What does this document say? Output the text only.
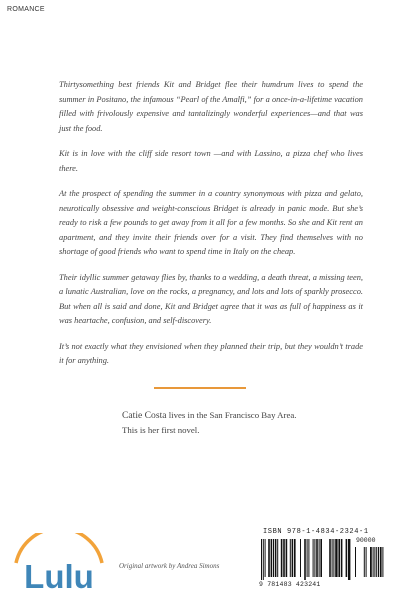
ROMANCE

Thirtysomething best friends Kit and Bridget flee their humdrum lives to spend the summer in Positano, the infamous “Pearl of the Amalfi,” for a once-in-a-lifetime vacation filled with frivolously expensive and tantalizingly wonderful experiences—and that was just the food.

Kit is in love with the cliff side resort town —and with Lassino, a pizza chef who lives there.

At the prospect of spending the summer in a country synonymous with pizza and gelato, neurotically obsessive and weight-conscious Bridget is already in panic mode. But she’s ready to risk a few pounds to get away from it all for a few months. So she and Kit rent an apartment, and they invite their friends over for a visit. They find themselves with no shortage of good friends who want to spend time in Italy on the cheap.

Their idyllic summer getaway flies by, thanks to a wedding, a death threat, a missing teen, a lunatic Australian, love on the rocks, a pregnancy, and lots and lots of sparkly prosecco. But when all is said and done, Kit and Bridget agree that it was as full of happiness as it was heartache, confusion, and self-discovery.

It’s not exactly what they envisioned when they planned their trip, but they wouldn’t trade it for anything.

Catie Costa lives in the San Francisco Bay Area. This is her first novel.
Lulu	Original artwork by Andrea Simons
ISBN 978-1-4834-2324-1
90000
9 781483 423241
